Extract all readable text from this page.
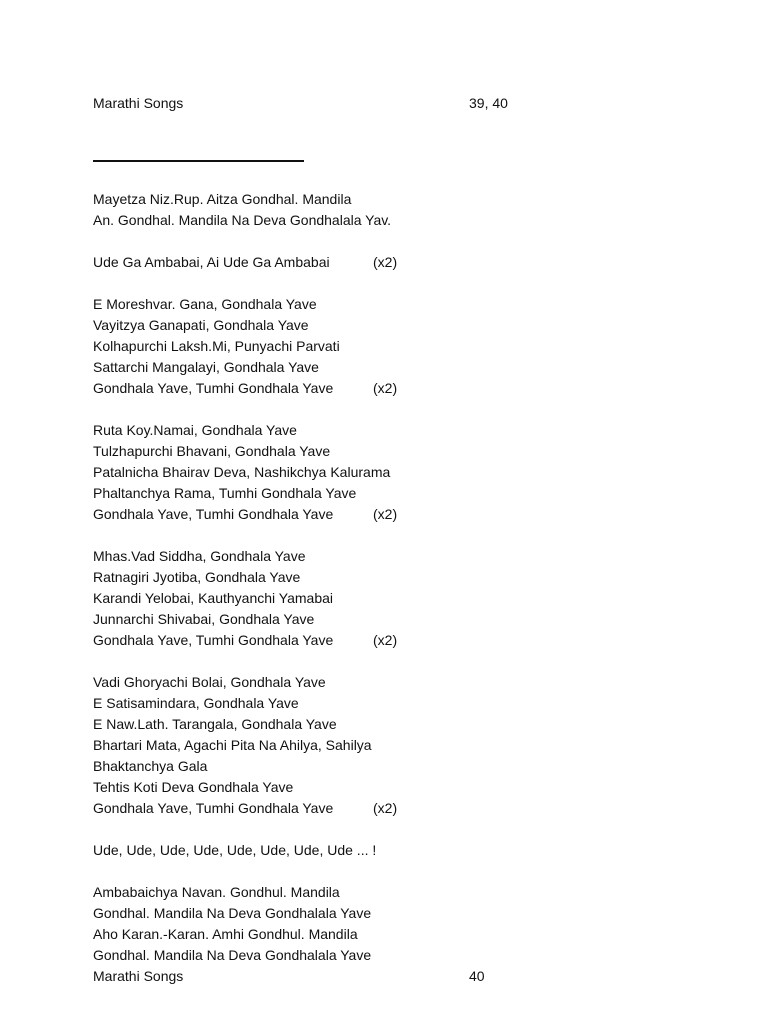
Marathi Songs	39, 40
Mayetza Niz.Rup. Aitza Gondhal. Mandila
An. Gondhal. Mandila Na Deva Gondhalala Yav.
Ude Ga Ambabai, Ai Ude Ga Ambabai	(x2)
E Moreshvar. Gana, Gondhala Yave
Vayitzya Ganapati, Gondhala Yave
Kolhapurchi Laksh.Mi, Punyachi Parvati
Sattarchi Mangalayi, Gondhala Yave
Gondhala Yave, Tumhi Gondhala Yave	(x2)
Ruta Koy.Namai, Gondhala Yave
Tulzhapurchi Bhavani, Gondhala Yave
Patalnicha Bhairav Deva, Nashikchya Kalurama
Phaltanchya Rama, Tumhi Gondhala Yave
Gondhala Yave, Tumhi Gondhala Yave	(x2)
Mhas.Vad Siddha, Gondhala Yave
Ratnagiri Jyotiba, Gondhala Yave
Karandi Yelobai, Kauthyanchi Yamabai
Junnarchi Shivabai, Gondhala Yave
Gondhala Yave, Tumhi Gondhala Yave	(x2)
Vadi Ghoryachi Bolai, Gondhala Yave
E Satisamindara, Gondhala Yave
E Naw.Lath. Tarangala, Gondhala Yave
Bhartari Mata, Agachi Pita Na Ahilya, Sahilya
Bhaktanchya Gala
Tehtis Koti Deva Gondhala Yave
Gondhala Yave, Tumhi Gondhala Yave	(x2)
Ude, Ude, Ude, Ude, Ude, Ude, Ude, Ude ... !
Ambabaichya Navan. Gondhul. Mandila
Gondhal. Mandila Na Deva Gondhalala Yave
Aho Karan.-Karan. Amhi Gondhul. Mandila
Gondhal. Mandila Na Deva Gondhalala Yave
Marathi Songs	40
